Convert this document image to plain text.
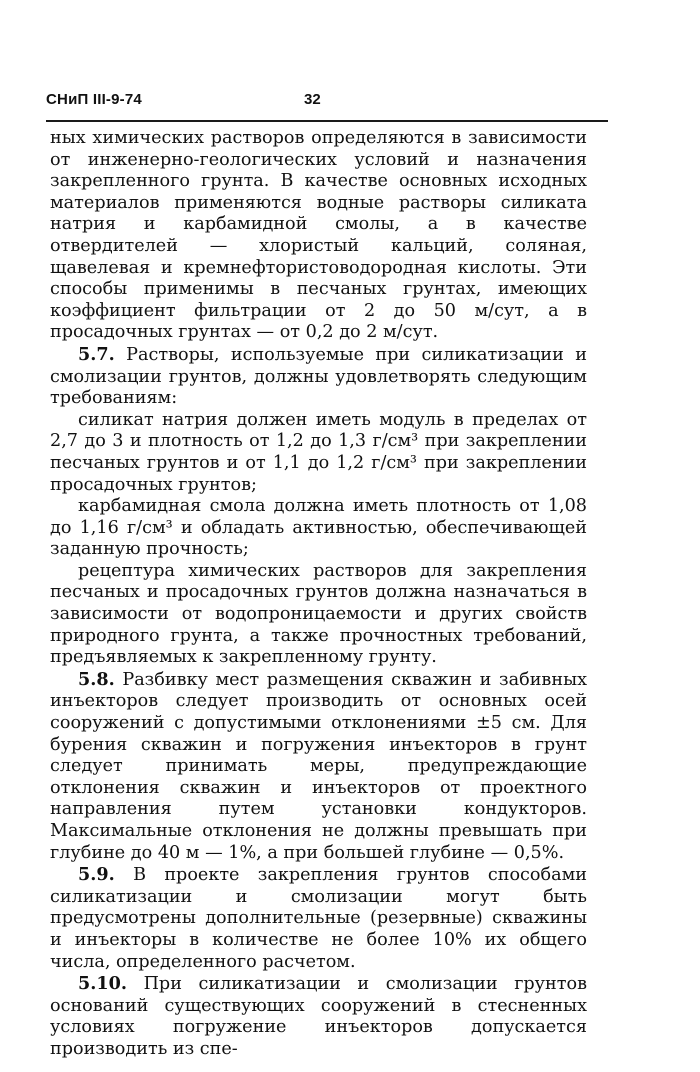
СНиП III-9-74	32

ных химических растворов определяются в зависимости от инженерно-геологических условий и назначения закрепленного грунта. В качестве основных исходных материалов применяются водные растворы силиката натрия и карбамидной смолы, а в качестве отвердителей — хлористый кальций, соляная, щавелевая и кремнефтористоводородная кислоты. Эти способы применимы в песчаных грунтах, имеющих коэффициент фильтрации от 2 до 50 м/сут, а в просадочных грунтах — от 0,2 до 2 м/сут.

5.7. Растворы, используемые при силикатизации и смолизации грунтов, должны удовлетворять следующим требованиям:

силикат натрия должен иметь модуль в пределах от 2,7 до 3 и плотность от 1,2 до 1,3 г/см³ при закреплении песчаных грунтов и от 1,1 до 1,2 г/см³ при закреплении просадочных грунтов;

карбамидная смола должна иметь плотность от 1,08 до 1,16 г/см³ и обладать активностью, обеспечивающей заданную прочность;

рецептура химических растворов для закрепления песчаных и просадочных грунтов должна назначаться в зависимости от водопроницаемости и других свойств природного грунта, а также прочностных требований, предъявляемых к закрепленному грунту.

5.8. Разбивку мест размещения скважин и забивных инъекторов следует производить от основных осей сооружений с допустимыми отклонениями ±5 см. Для бурения скважин и погружения инъекторов в грунт следует принимать меры, предупреждающие отклонения скважин и инъекторов от проектного направления путем установки кондукторов. Максимальные отклонения не должны превышать при глубине до 40 м — 1%, а при большей глубине — 0,5%.

5.9. В проекте закрепления грунтов способами силикатизации и смолизации могут быть предусмотрены дополнительные (резервные) скважины и инъекторы в количестве не более 10% их общего числа, определенного расчетом.

5.10. При силикатизации и смолизации грунтов оснований существующих сооружений в стесненных условиях погружение инъекторов допускается производить из спе-
